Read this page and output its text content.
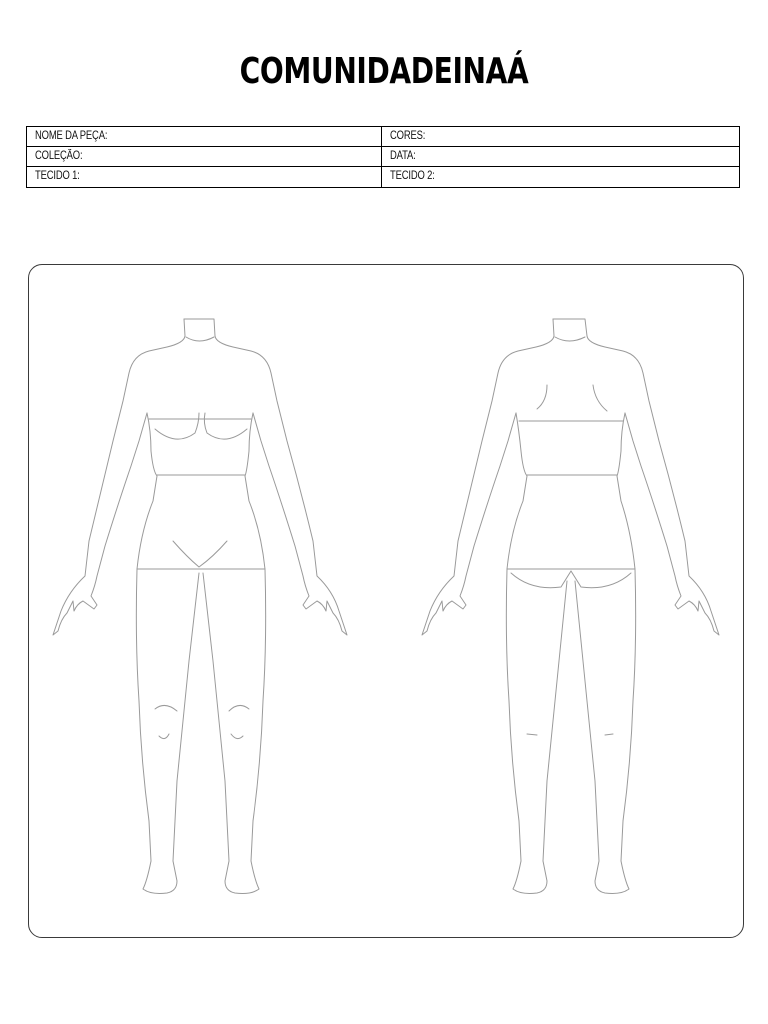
COMUNIDADEINAÁ
NOME DA PEÇA:	CORES:
COLEÇÃO:	DATA:
TECIDO 1:	TECIDO 2:
